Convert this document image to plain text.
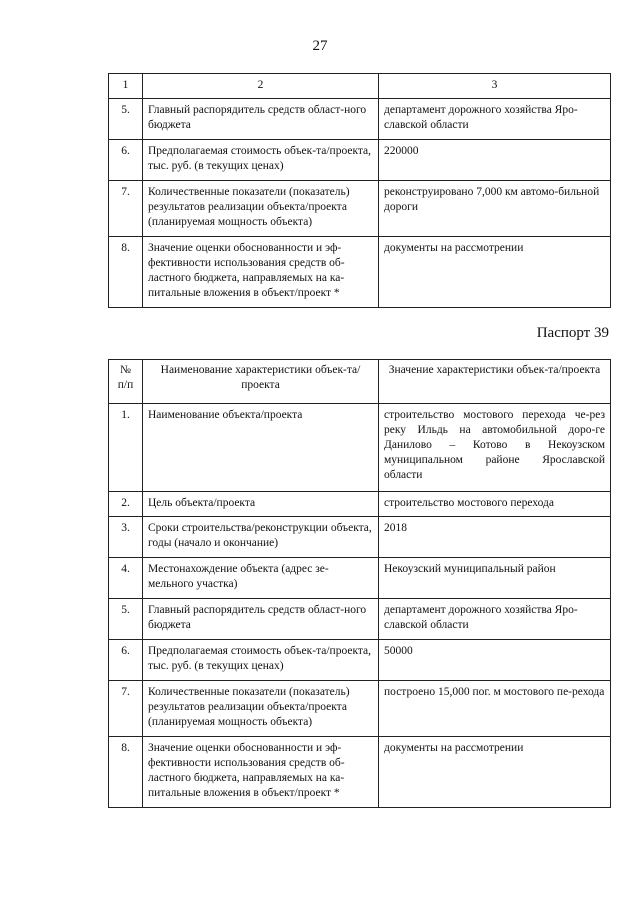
27
1	2	3
5.	Главный распорядитель средств област-ного бюджета	департамент дорожного хозяйства Яро-славской области
6.	Предполагаемая стоимость объек-та/проекта, тыс. руб. (в текущих ценах)	220000
7.	Количественные показатели (показатель) результатов реализации объекта/проекта (планируемая мощность объекта)	реконструировано 7,000 км автомо-бильной дороги
8.	Значение оценки обоснованности и эф-фективности использования средств об-ластного бюджета, направляемых на ка-питальные вложения в объект/проект *	документы на рассмотрении
Паспорт 39
№ п/п	Наименование характеристики объек-та/проекта	Значение характеристики объек-та/проекта
1.	Наименование объекта/проекта	строительство мостового перехода че-рез реку Ильдь на автомобильной доро-ге Данилово – Котово в Некоузском муниципальном районе Ярославской области
2.	Цель объекта/проекта	строительство мостового перехода
3.	Сроки строительства/реконструкции объекта, годы (начало и окончание)	2018
4.	Местонахождение объекта (адрес зе-мельного участка)	Некоузский муниципальный район
5.	Главный распорядитель средств област-ного бюджета	департамент дорожного хозяйства Яро-славской области
6.	Предполагаемая стоимость объек-та/проекта, тыс. руб. (в текущих ценах)	50000
7.	Количественные показатели (показатель) результатов реализации объекта/проекта (планируемая мощность объекта)	построено 15,000 пог. м мостового пе-рехода
8.	Значение оценки обоснованности и эф-фективности использования средств об-ластного бюджета, направляемых на ка-питальные вложения в объект/проект *	документы на рассмотрении
